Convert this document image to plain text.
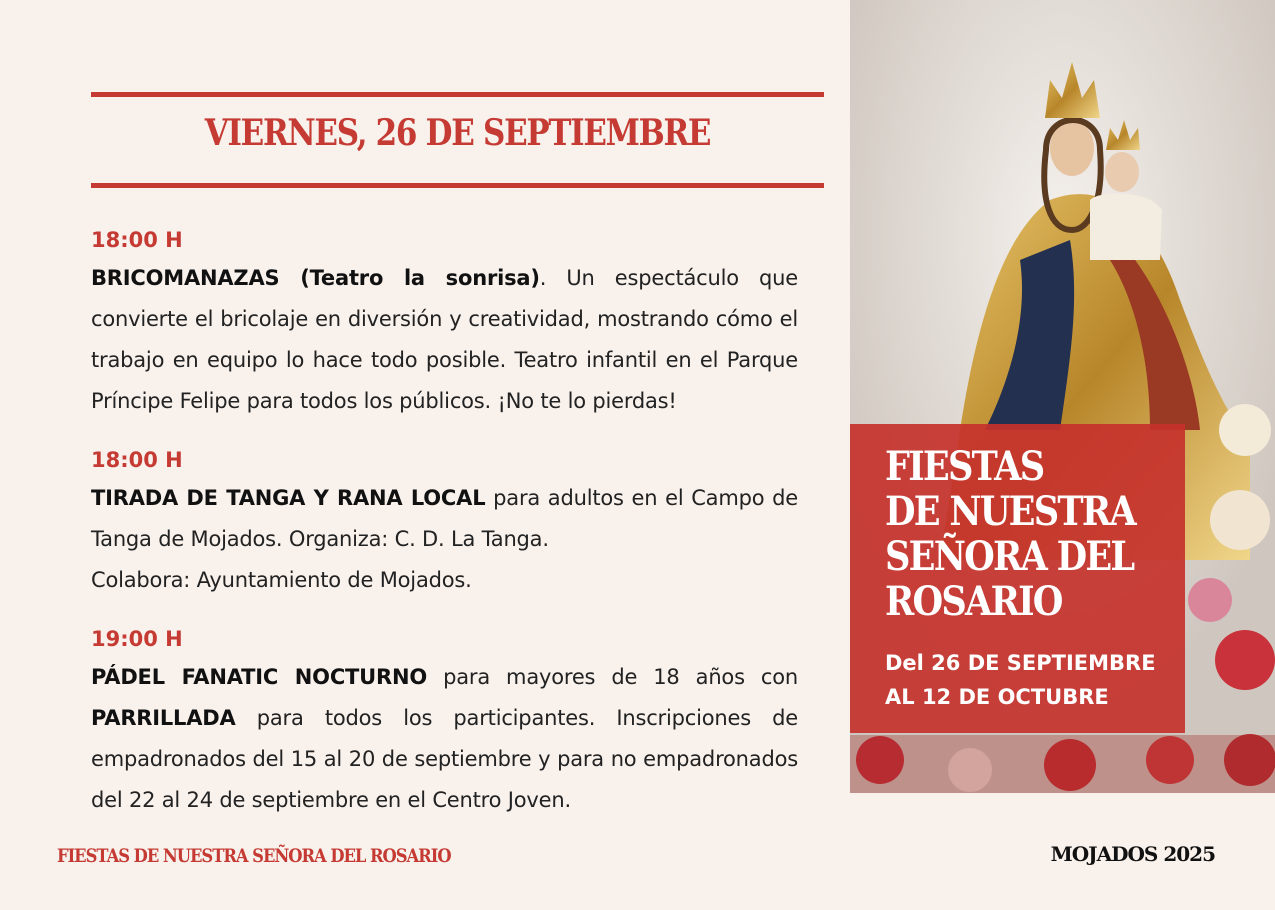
VIERNES, 26 DE SEPTIEMBRE
18:00 H
BRICOMANAZAS (Teatro la sonrisa). Un espectáculo que convierte el bricolaje en diversión y creatividad, mostrando cómo el trabajo en equipo lo hace todo posible. Teatro infantil en el Parque Príncipe Felipe para todos los públicos. ¡No te lo pierdas!
18:00 H
TIRADA DE TANGA Y RANA LOCAL para adultos en el Campo de Tanga de Mojados. Organiza: C. D. La Tanga.
Colabora: Ayuntamiento de Mojados.
19:00 H
PÁDEL FANATIC NOCTURNO para mayores de 18 años con PARRILLADA para todos los participantes. Inscripciones de empadronados del 15 al 20 de septiembre y para no empadronados del 22 al 24 de septiembre en el Centro Joven.
FIESTAS
DE NUESTRA
SEÑORA DEL
ROSARIO
Del 26 DE SEPTIEMBRE
AL 12 DE OCTUBRE
FIESTAS DE NUESTRA SEÑORA DEL ROSARIO	MOJADOS 2025
